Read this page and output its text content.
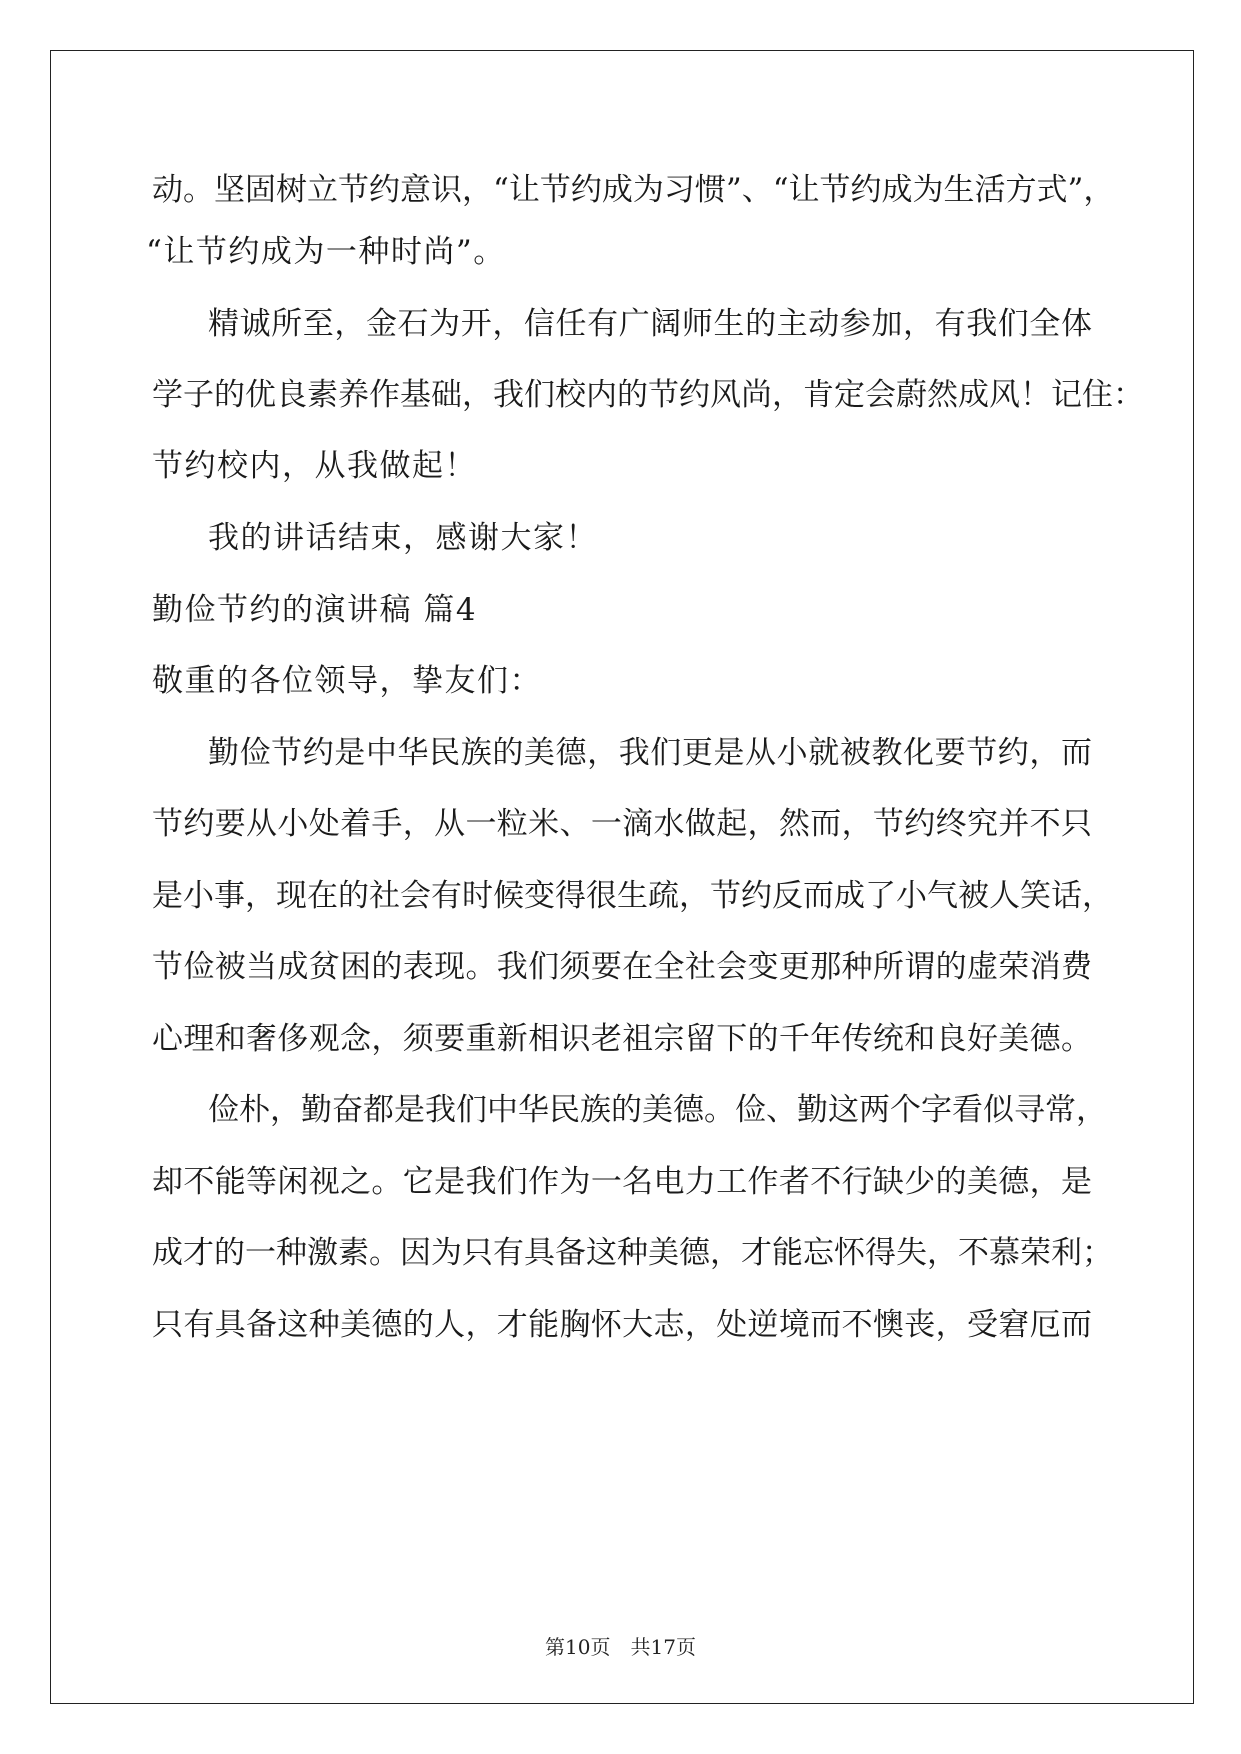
动。坚固树立节约意识，“让节约成为习惯”、“让节约成为生活方式”，
“让节约成为一种时尚”。
精诚所至，金石为开，信任有广阔师生的主动参加，有我们全体
学子的优良素养作基础，我们校内的节约风尚，肯定会蔚然成风！记住：
节约校内，从我做起！
我的讲话结束，感谢大家！
勤俭节约的演讲稿 篇4
敬重的各位领导，挚友们：
勤俭节约是中华民族的美德，我们更是从小就被教化要节约，而
节约要从小处着手，从一粒米、一滴水做起，然而，节约终究并不只
是小事，现在的社会有时候变得很生疏，节约反而成了小气被人笑话，
节俭被当成贫困的表现。我们须要在全社会变更那种所谓的虚荣消费
心理和奢侈观念，须要重新相识老祖宗留下的千年传统和良好美德。
俭朴，勤奋都是我们中华民族的美德。俭、勤这两个字看似寻常，
却不能等闲视之。它是我们作为一名电力工作者不行缺少的美德，是
成才的一种激素。因为只有具备这种美德，才能忘怀得失，不慕荣利；
只有具备这种美德的人，才能胸怀大志，处逆境而不懊丧，受窘厄而
第10页　共17页
